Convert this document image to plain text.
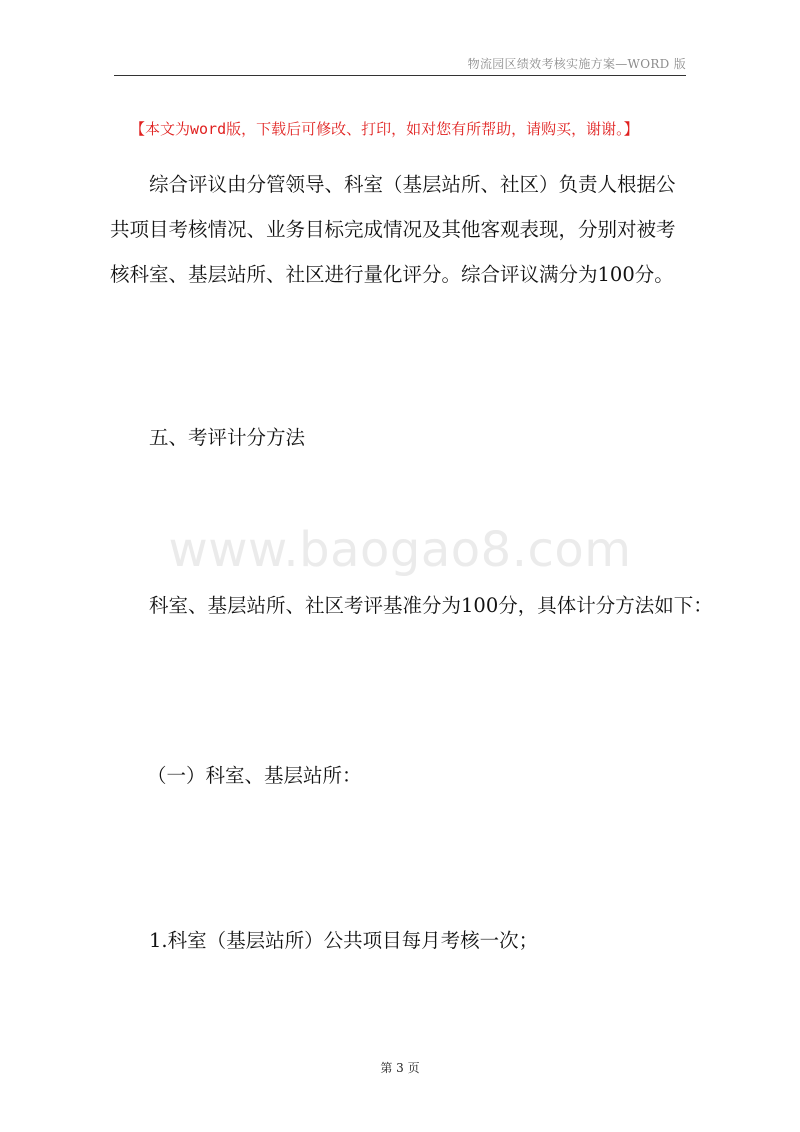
物流园区绩效考核实施方案—WORD 版
【本文为word版，下载后可修改、打印，如对您有所帮助，请购买，谢谢。】
综合评议由分管领导、科室（基层站所、社区）负责人根据公共项目考核情况、业务目标完成情况及其他客观表现，分别对被考核科室、基层站所、社区进行量化评分。综合评议满分为100分。
五、考评计分方法
www.baogao8.com
科室、基层站所、社区考评基准分为100分，具体计分方法如下：
（一）科室、基层站所：
1.科室（基层站所）公共项目每月考核一次；
第 3 页
